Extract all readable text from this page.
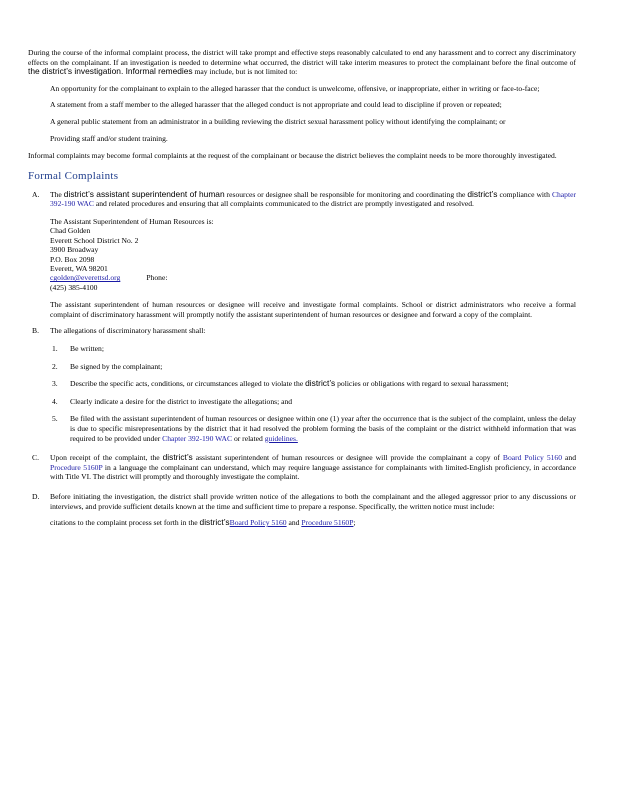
During the course of the informal complaint process, the district will take prompt and effective steps reasonably calculated to end any harassment and to correct any discriminatory effects on the complainant. If an investigation is needed to determine what occurred, the district will take interim measures to protect the complainant before the final outcome of the district’s investigation. Informal remedies may include, but is not limited to:

An opportunity for the complainant to explain to the alleged harasser that the conduct is unwelcome, offensive, or inappropriate, either in writing or face-to-face;
A statement from a staff member to the alleged harasser that the alleged conduct is not appropriate and could lead to discipline if proven or repeated;
A general public statement from an administrator in a building reviewing the district sexual harassment policy without identifying the complainant; or
Providing staff and/or student training.

Informal complaints may become formal complaints at the request of the complainant or because the district believes the complaint needs to be more thoroughly investigated.

Formal Complaints

A. The district’s assistant superintendent of human resources or designee shall be responsible for monitoring and coordinating the district’s compliance with Chapter 392-190 WAC and related procedures and ensuring that all complaints communicated to the district are promptly investigated and resolved.

The Assistant Superintendent of Human Resources is:

Chad Golden

Everett School District No. 2

3900 Broadway

P.O. Box 2098

Everett, WA 98201

cgolden@everettsd.org	Phone:

(425) 385-4100

The assistant superintendent of human resources or designee will receive and investigate formal complaints. School or district administrators who receive a formal complaint of discriminatory harassment will promptly notify the assistant superintendent of human resources or designee and forward a copy of the complaint.

B. The allegations of discriminatory harassment shall:

1. Be written;
2. Be signed by the complainant;
3. Describe the specific acts, conditions, or circumstances alleged to violate the district’s policies or obligations with regard to sexual harassment;
4. Clearly indicate a desire for the district to investigate the allegations; and
5. Be filed with the assistant superintendent of human resources or designee within one (1) year after the occurrence that is the subject of the complaint, unless the delay is due to specific misrepresentations by the district that it had resolved the problem forming the basis of the complaint or the district withheld information that was required to be provided under Chapter 392-190 WAC or related guidelines.
C. Upon receipt of the complaint, the district’s assistant superintendent of human resources or designee will provide the complainant a copy of Board Policy 5160 and Procedure 5160P in a language the complainant can understand, which may require language assistance for complainants with limited-English proficiency, in accordance with Title VI. The district will promptly and thoroughly investigate the complaint.

D. Before initiating the investigation, the district shall provide written notice of the allegations to both the complainant and the alleged aggressor prior to any discussions or interviews, and provide sufficient details known at the time and sufficient time to prepare a response. Specifically, the written notice must include:

citations to the complaint process set forth in the district’sBoard Policy 5160 and Procedure 5160P;
